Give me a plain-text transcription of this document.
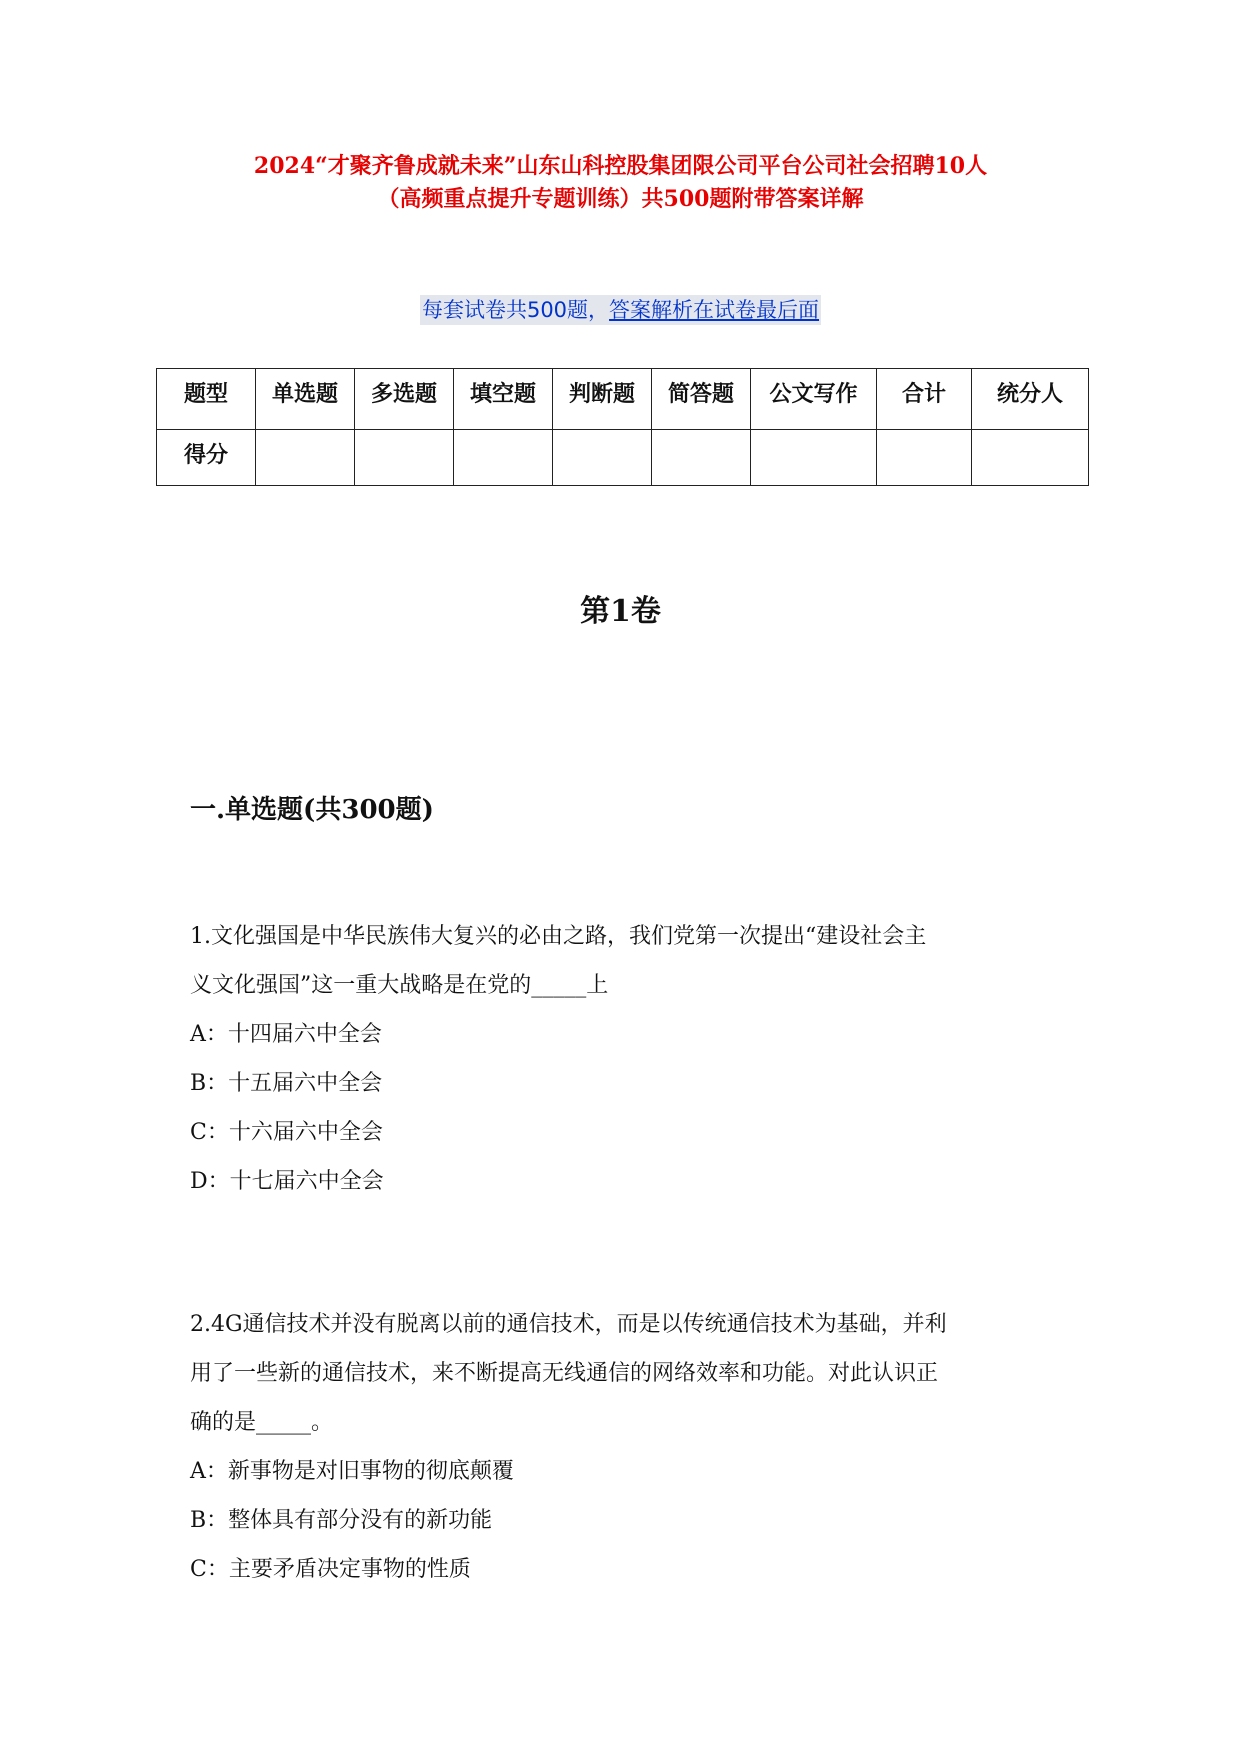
2024“才聚齐鲁成就未来”山东山科控股集团限公司平台公司社会招聘10人
（高频重点提升专题训练）共500题附带答案详解
每套试卷共500题，答案解析在试卷最后面
题型	单选题	多选题	填空题	判断题	简答题	公文写作	合计	统分人
得分								
第1卷
一.单选题(共300题)

1.文化强国是中华民族伟大复兴的必由之路，我们党第一次提出“建设社会主

义文化强国”这一重大战略是在党的_____上

A：十四届六中全会

B：十五届六中全会

C：十六届六中全会

D：十七届六中全会

2.4G通信技术并没有脱离以前的通信技术，而是以传统通信技术为基础，并利

用了一些新的通信技术，来不断提高无线通信的网络效率和功能。对此认识正

确的是_____。

A：新事物是对旧事物的彻底颠覆

B：整体具有部分没有的新功能

C：主要矛盾决定事物的性质
